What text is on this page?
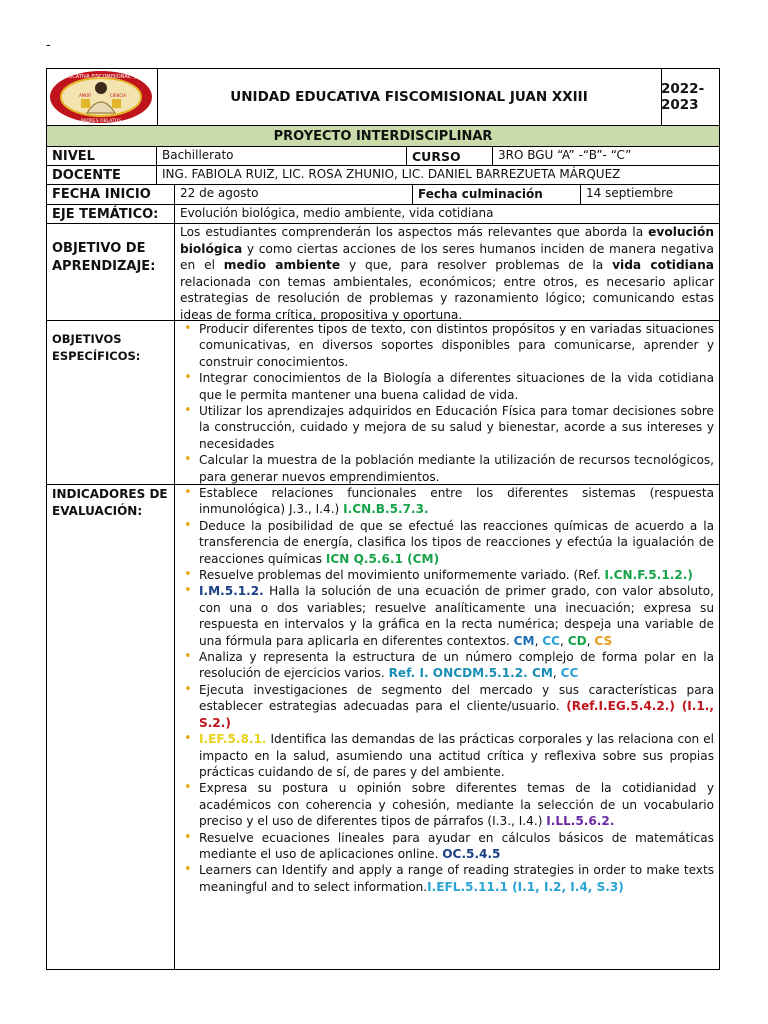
-
UNIDAD EDUCATIVA FISCOMISIONAL "JUAN XXIII"
AMOR	CIENCIA
PADRES OBLATOS
UNIDAD EDUCATIVA FISCOMISIONAL JUAN XXIII	2022- 2023
PROYECTO INTERDISCIPLINAR
NIVEL	Bachillerato	CURSO	3RO BGU “A” -“B”- “C”
DOCENTE	ING. FABIOLA RUIZ, LIC. ROSA ZHUNIO, LIC. DANIEL BARREZUETA MÁRQUEZ
FECHA INICIO	22 de agosto	Fecha culminación	14 septiembre
EJE TEMÁTICO:	Evolución biológica, medio ambiente, vida cotidiana
OBJETIVO DE APRENDIZAJE:
Los estudiantes comprenderán los aspectos más relevantes que aborda la evolución biológica y como ciertas acciones de los seres humanos inciden de manera negativa en el medio ambiente y que, para resolver problemas de la vida cotidiana relacionada con temas ambientales, económicos; entre otros, es necesario aplicar estrategias de resolución de problemas y razonamiento lógico; comunicando estas ideas de forma crítica, propositiva y oportuna.
OBJETIVOS ESPECÍFICOS:
• Producir diferentes tipos de texto, con distintos propósitos y en variadas situaciones comunicativas, en diversos soportes disponibles para comunicarse, aprender y construir conocimientos.
• Integrar conocimientos de la Biología a diferentes situaciones de la vida cotidiana que le permita mantener una buena calidad de vida.
• Utilizar los aprendizajes adquiridos en Educación Física para tomar decisiones sobre la construcción, cuidado y mejora de su salud y bienestar, acorde a sus intereses y necesidades
• Calcular la muestra de la población mediante la utilización de recursos tecnológicos, para generar nuevos emprendimientos.
INDICADORES DE EVALUACIÓN:
• Establece relaciones funcionales entre los diferentes sistemas (respuesta inmunológica) J.3., I.4.) I.CN.B.5.7.3.
• Deduce la posibilidad de que se efectué las reacciones químicas de acuerdo a la transferencia de energía, clasifica los tipos de reacciones y efectúa la igualación de reacciones químicas ICN Q.5.6.1 (CM)
• Resuelve problemas del movimiento uniformemente variado. (Ref. I.CN.F.5.1.2.)
• I.M.5.1.2. Halla la solución de una ecuación de primer grado, con valor absoluto, con una o dos variables; resuelve analíticamente una inecuación; expresa su respuesta en intervalos y la gráfica en la recta numérica; despeja una variable de una fórmula para aplicarla en diferentes contextos. CM, CC, CD, CS
• Analiza y representa la estructura de un número complejo de forma polar en la resolución de ejercicios varios. Ref. I. ONCDM.5.1.2. CM, CC
• Ejecuta investigaciones de segmento del mercado y sus características para establecer estrategias adecuadas para el cliente/usuario. (Ref.I.EG.5.4.2.) (I.1., S.2.)
• I.EF.5.8.1. Identifica las demandas de las prácticas corporales y las relaciona con el impacto en la salud, asumiendo una actitud crítica y reflexiva sobre sus propias prácticas cuidando de sí, de pares y del ambiente.
• Expresa su postura u opinión sobre diferentes temas de la cotidianidad y académicos con coherencia y cohesión, mediante la selección de un vocabulario preciso y el uso de diferentes tipos de párrafos (I.3., I.4.) I.LL.5.6.2.
• Resuelve ecuaciones lineales para ayudar en cálculos básicos de matemáticas mediante el uso de aplicaciones online. OC.5.4.5
• Learners can Identify and apply a range of reading strategies in order to make texts meaningful and to select information.I.EFL.5.11.1 (I.1, I.2, I.4, S.3)
